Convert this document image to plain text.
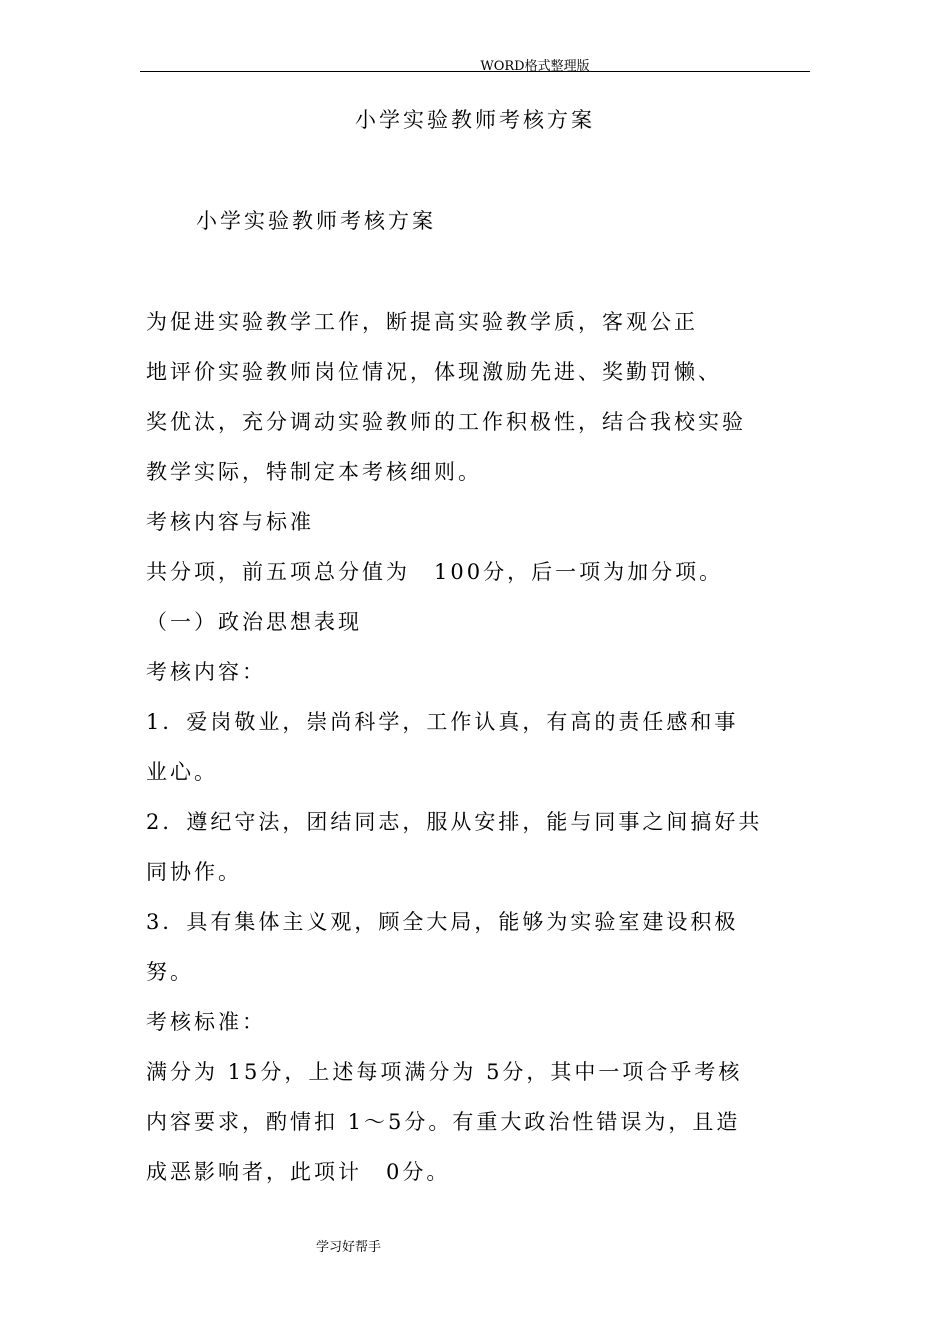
WORD格式整理版
小学实验教师考核方案
小学实验教师考核方案
为促进实验教学工作，断提高实验教学质，客观公正
地评价实验教师岗位情况，体现激励先进、奖勤罚懒、
奖优汰，充分调动实验教师的工作积极性，结合我校实验
教学实际，特制定本考核细则。
考核内容与标准
共分项，前五项总分值为　100分，后一项为加分项。
（一）政治思想表现
考核内容：
1．爱岗敬业，崇尚科学，工作认真，有高的责任感和事
业心。
2．遵纪守法，团结同志，服从安排，能与同事之间搞好共
同协作。
3．具有集体主义观，顾全大局，能够为实验室建设积极
努。
考核标准：
满分为 15分，上述每项满分为 5分，其中一项合乎考核
内容要求，酌情扣 1～5分。有重大政治性错误为，且造
成恶影响者，此项计　0分。
学习好帮手
